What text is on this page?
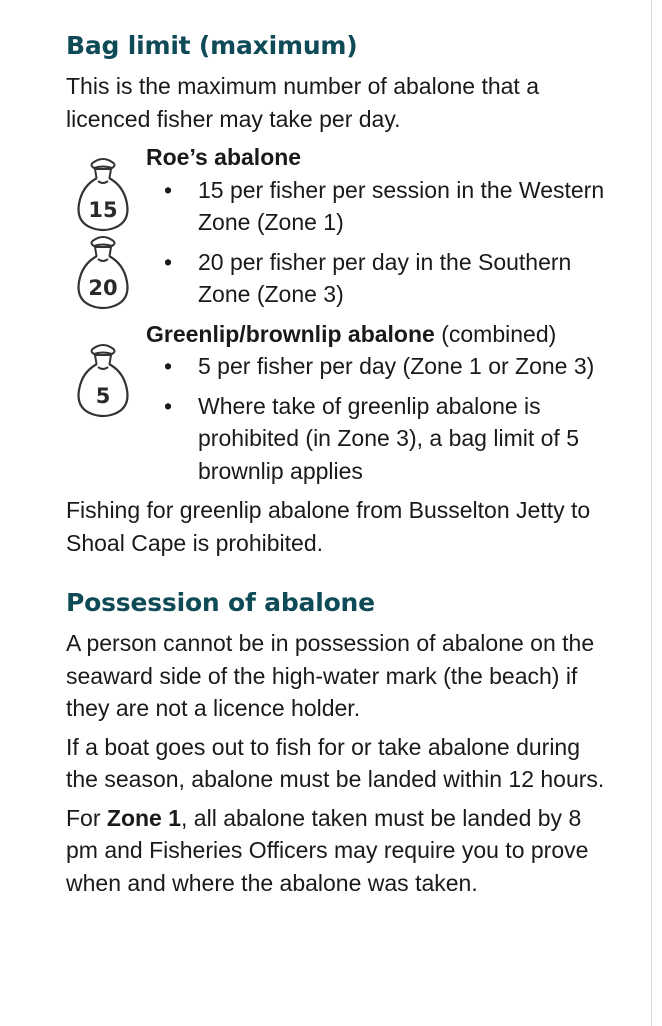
15
20
5
Bag limit (maximum)

This is the maximum number of abalone that a licenced fisher may take per day.

Roe’s abalone
• 15 per fisher per session in the Western Zone (Zone 1)
• 20 per fisher per day in the Southern Zone (Zone 3)
Greenlip/brownlip abalone (combined)
• 5 per fisher per day (Zone 1 or Zone 3)
• Where take of greenlip abalone is prohibited (in Zone 3), a bag limit of 5 brownlip applies

Fishing for greenlip abalone from Busselton Jetty to Shoal Cape is prohibited.

Possession of abalone

A person cannot be in possession of abalone on the seaward side of the high-water mark (the beach) if they are not a licence holder.

If a boat goes out to fish for or take abalone during the season, abalone must be landed within 12 hours.

For Zone 1, all abalone taken must be landed by 8 pm and Fisheries Officers may require you to prove when and where the abalone was taken.
